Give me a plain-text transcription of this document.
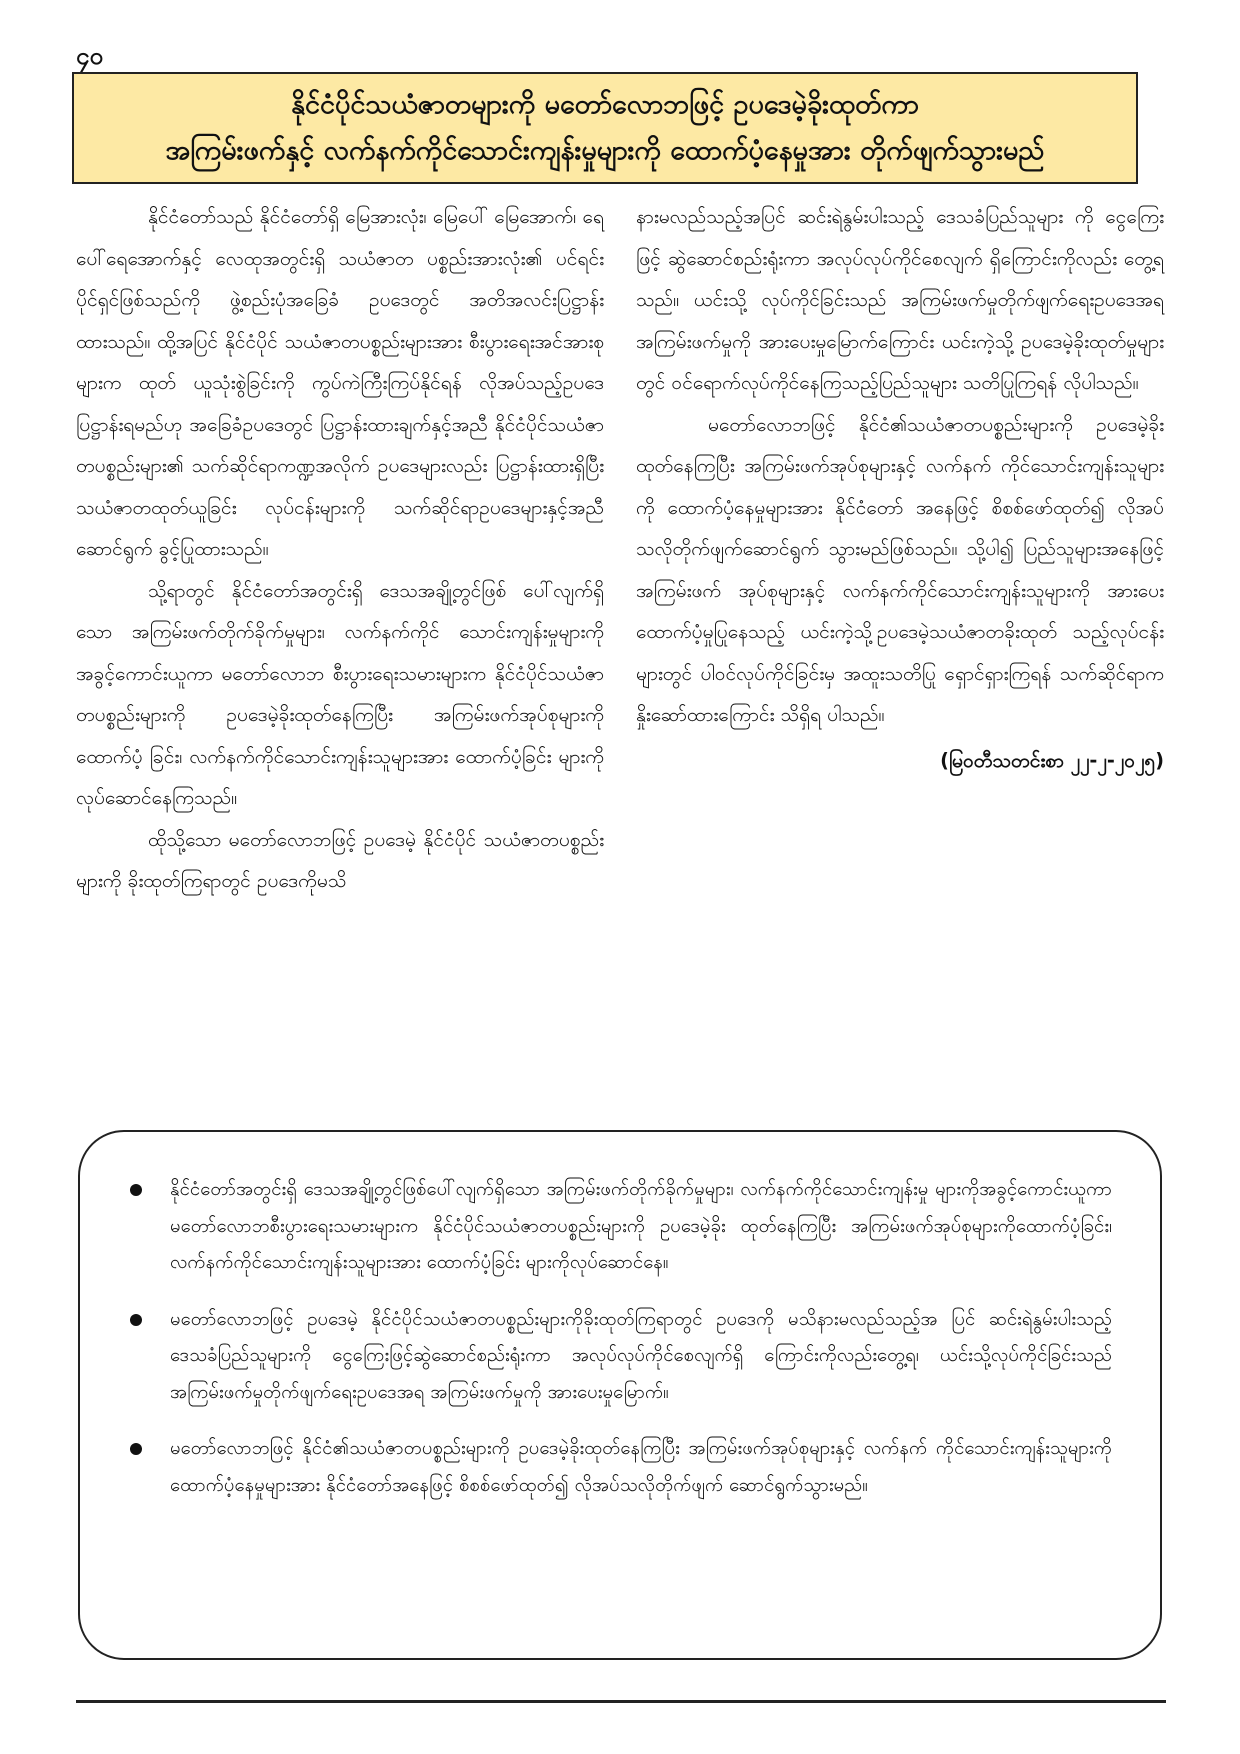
၄၀
နိုင်ငံပိုင်သယံဇာတများကို မတော်လောဘဖြင့် ဥပဒေမဲ့ခိုးထုတ်ကာ
အကြမ်းဖက်နှင့် လက်နက်ကိုင်သောင်းကျန်းမှုများကို ထောက်ပံ့နေမှုအား တိုက်ဖျက်သွားမည်

နိုင်ငံတော်သည် နိုင်ငံတော်ရှိ မြေအားလုံး၊ မြေပေါ် မြေအောက်၊ ရေပေါ်ရေအောက်နှင့် လေထုအတွင်းရှိ သယံဇာတ ပစ္စည်းအားလုံး၏ ပင်ရင်းပိုင်ရှင်ဖြစ်သည်ကို ဖွဲ့စည်းပုံအခြေခံ ဥပဒေတွင် အတိအလင်းပြဋ္ဌာန်းထားသည်။ ထို့အပြင် နိုင်ငံပိုင် သယံဇာတပစ္စည်းများအား စီးပွားရေးအင်အားစုများက ထုတ် ယူသုံးစွဲခြင်းကို ကွပ်ကဲကြီးကြပ်နိုင်ရန် လိုအပ်သည့်ဥပဒေ ပြဋ္ဌာန်းရမည်ဟု အခြေခံဥပဒေတွင် ပြဋ္ဌာန်းထားချက်နှင့်အညီ နိုင်ငံပိုင်သယံဇာတပစ္စည်းများ၏ သက်ဆိုင်ရာကဏ္ဍအလိုက် ဥပဒေများလည်း ပြဋ္ဌာန်းထားရှိပြီး သယံဇာတထုတ်ယူခြင်း လုပ်ငန်းများကို သက်ဆိုင်ရာဥပဒေများနှင့်အညီ ဆောင်ရွက် ခွင့်ပြုထားသည်။

သို့ရာတွင် နိုင်ငံတော်အတွင်းရှိ ဒေသအချို့တွင်ဖြစ် ပေါ်လျက်ရှိသော အကြမ်းဖက်တိုက်ခိုက်မှုများ၊ လက်နက်ကိုင် သောင်းကျန်းမှုများကို အခွင့်ကောင်းယူကာ မတော်လောဘ စီးပွားရေးသမားများက နိုင်ငံပိုင်သယံဇာတပစ္စည်းများကို ဥပဒေမဲ့ခိုးထုတ်နေကြပြီး အကြမ်းဖက်အုပ်စုများကို ထောက်ပံ့ ခြင်း၊ လက်နက်ကိုင်သောင်းကျန်းသူများအား ထောက်ပံ့ခြင်း များကို လုပ်ဆောင်နေကြသည်။

ထိုသို့သော မတော်လောဘဖြင့် ဥပဒေမဲ့ နိုင်ငံပိုင် သယံဇာတပစ္စည်းများကို ခိုးထုတ်ကြရာတွင် ဥပဒေကိုမသိ

နားမလည်သည့်အပြင် ဆင်းရဲနွမ်းပါးသည့် ဒေသခံပြည်သူများ ကို ငွေကြေးဖြင့် ဆွဲဆောင်စည်းရုံးကာ အလုပ်လုပ်ကိုင်စေလျက် ရှိကြောင်းကိုလည်း တွေ့ရသည်။ ယင်းသို့ လုပ်ကိုင်ခြင်းသည် အကြမ်းဖက်မှုတိုက်ဖျက်ရေးဥပဒေအရ အကြမ်းဖက်မှုကို အားပေးမှုမြောက်ကြောင်း ယင်းကဲ့သို့ ဥပဒေမဲ့ခိုးထုတ်မှုများ တွင် ဝင်ရောက်လုပ်ကိုင်နေကြသည့်ပြည်သူများ သတိပြုကြရန် လိုပါသည်။

မတော်လောဘဖြင့် နိုင်ငံ၏သယံဇာတပစ္စည်းများကို ဥပဒေမဲ့ခိုးထုတ်နေကြပြီး အကြမ်းဖက်အုပ်စုများနှင့် လက်နက် ကိုင်သောင်းကျန်းသူများကို ထောက်ပံ့နေမှုများအား နိုင်ငံတော် အနေဖြင့် စိစစ်ဖော်ထုတ်၍ လိုအပ်သလိုတိုက်ဖျက်ဆောင်ရွက် သွားမည်ဖြစ်သည်။ သို့ပါ၍ ပြည်သူများအနေဖြင့် အကြမ်းဖက် အုပ်စုများနှင့် လက်နက်ကိုင်သောင်းကျန်းသူများကို အားပေး ထောက်ပံ့မှုပြုနေသည့် ယင်းကဲ့သို့ဥပဒေမဲ့သယံဇာတခိုးထုတ် သည့်လုပ်ငန်းများတွင် ပါဝင်လုပ်ကိုင်ခြင်းမှ အထူးသတိပြု ရှောင်ရှားကြရန် သက်ဆိုင်ရာက နှိုးဆော်ထားကြောင်း သိရှိရ ပါသည်။

(မြဝတီသတင်းစာ ၂၂-၂-၂၀၂၅)

နိုင်ငံတော်အတွင်းရှိ ဒေသအချို့တွင်ဖြစ်ပေါ်လျက်ရှိသော အကြမ်းဖက်တိုက်ခိုက်မှုများ၊ လက်နက်ကိုင်သောင်းကျန်းမှု များကိုအခွင့်ကောင်းယူကာ မတော်လောဘစီးပွားရေးသမားများက နိုင်ငံပိုင်သယံဇာတပစ္စည်းများကို ဥပဒေမဲ့ခိုး ထုတ်နေကြပြီး အကြမ်းဖက်အုပ်စုများကိုထောက်ပံ့ခြင်း၊ လက်နက်ကိုင်သောင်းကျန်းသူများအား ထောက်ပံ့ခြင်း များကိုလုပ်ဆောင်နေ။
မတော်လောဘဖြင့် ဥပဒေမဲ့ နိုင်ငံပိုင်သယံဇာတပစ္စည်းများကိုခိုးထုတ်ကြရာတွင် ဥပဒေကို မသိနားမလည်သည့်အ ပြင် ဆင်းရဲနွမ်းပါးသည့်ဒေသခံပြည်သူများကို ငွေကြေးဖြင့်ဆွဲဆောင်စည်းရုံးကာ အလုပ်လုပ်ကိုင်စေလျက်ရှိ ကြောင်းကိုလည်းတွေ့ရ၊ ယင်းသို့လုပ်ကိုင်ခြင်းသည် အကြမ်းဖက်မှုတိုက်ဖျက်ရေးဥပဒေအရ အကြမ်းဖက်မှုကို အားပေးမှုမြောက်။
မတော်လောဘဖြင့် နိုင်ငံ၏သယံဇာတပစ္စည်းများကို ဥပဒေမဲ့ခိုးထုတ်နေကြပြီး အကြမ်းဖက်အုပ်စုများနှင့် လက်နက် ကိုင်သောင်းကျန်းသူများကို ထောက်ပံ့နေမှုများအား နိုင်ငံတော်အနေဖြင့် စိစစ်ဖော်ထုတ်၍ လိုအပ်သလိုတိုက်ဖျက် ဆောင်ရွက်သွားမည်။
